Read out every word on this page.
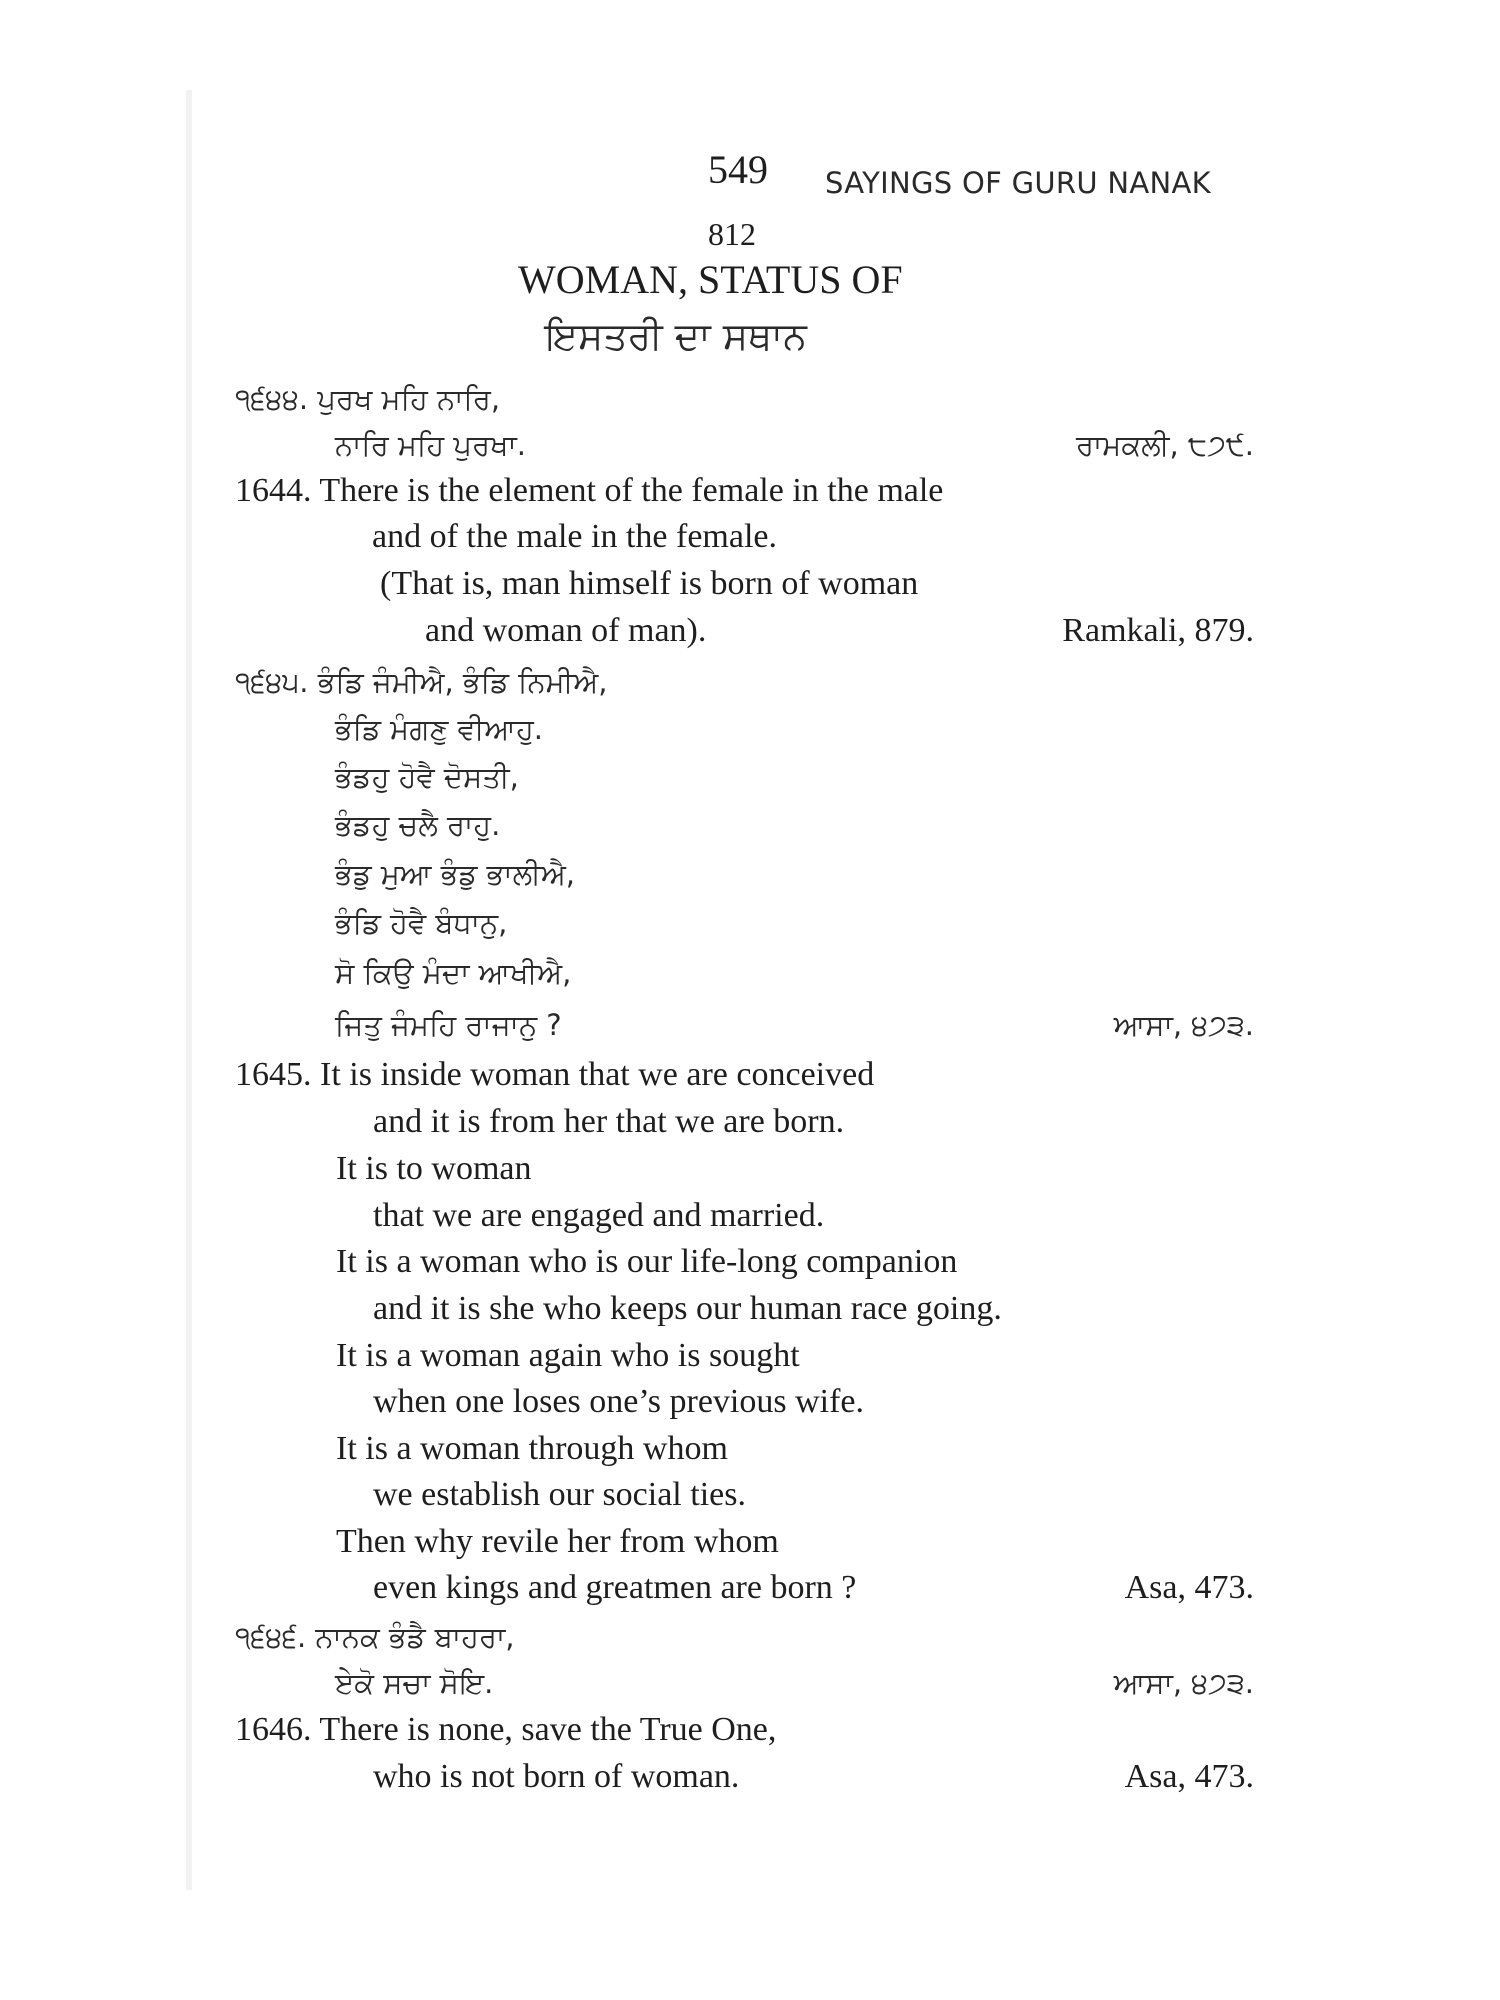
549 SAYINGS OF GURU NANAK
812
WOMAN, STATUS OF
ਇਸਤਰੀ ਦਾ ਸਥਾਨ
੧੬੪੪. ਪੁਰਖ ਮਹਿ ਨਾਰਿ,
ਨਾਰਿ ਮਹਿ ਪੁਰਖਾ.	ਰਾਮਕਲੀ, ੮੭੯.
1644. There is the element of the female in the male
and of the male in the female.
(That is, man himself is born of woman
and woman of man).	Ramkali, 879.
੧੬੪੫. ਭੰਡਿ ਜੰਮੀਐ, ਭੰਡਿ ਨਿਮੀਐ,
ਭੰਡਿ ਮੰਗਣੁ ਵੀਆਹੁ.
ਭੰਡਹੁ ਹੋਵੈ ਦੋਸਤੀ,
ਭੰਡਹੁ ਚਲੈ ਰਾਹੁ.
ਭੰਡੁ ਮੁਆ ਭੰਡੁ ਭਾਲੀਐ,
ਭੰਡਿ ਹੋਵੈ ਬੰਧਾਨੁ,
ਸੋ ਕਿਉ ਮੰਦਾ ਆਖੀਐ,
ਜਿਤੁ ਜੰਮਹਿ ਰਾਜਾਨੁ ?	ਆਸਾ, ੪੭੩.
1645. It is inside woman that we are conceived
and it is from her that we are born.
It is to woman
that we are engaged and married.
It is a woman who is our life-long companion
and it is she who keeps our human race going.
It is a woman again who is sought
when one loses one’s previous wife.
It is a woman through whom
we establish our social ties.
Then why revile her from whom
even kings and greatmen are born ?	Asa, 473.
੧੬੪੬. ਨਾਨਕ ਭੰਡੈ ਬਾਹਰਾ,
ਏਕੋ ਸਚਾ ਸੋਇ.	ਆਸਾ, ੪੭੩.
1646. There is none, save the True One,
who is not born of woman.	Asa, 473.
